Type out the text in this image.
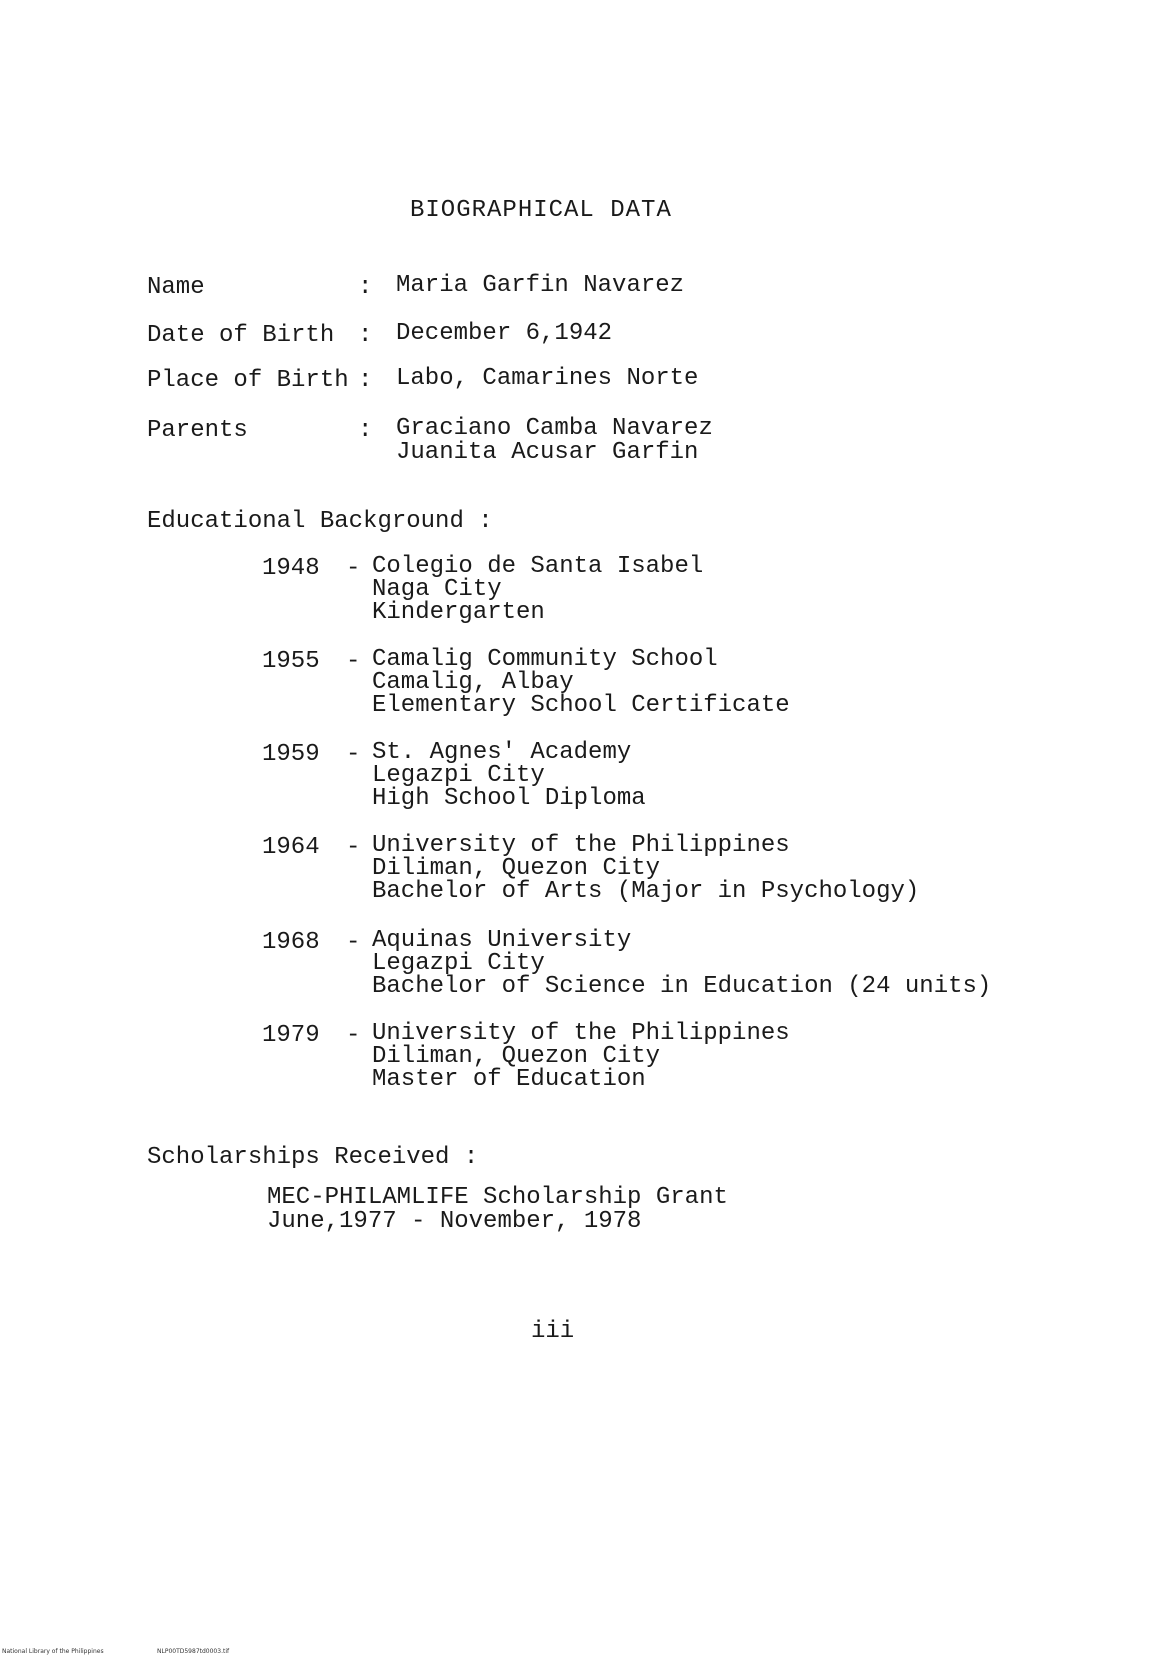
BIOGRAPHICAL DATA
Name	: Maria Garfin Navarez
Date of Birth : December 6,1942
Place of Birth : Labo, Camarines Norte
Parents	: Graciano Camba Navarez
Juanita Acusar Garfin
Educational Background :
1948 - Colegio de Santa Isabel
Naga City
Kindergarten
1955 - Camalig Community School
Camalig, Albay
Elementary School Certificate
1959 - St. Agnes' Academy
Legazpi City
High School Diploma
1964 - University of the Philippines
Diliman, Quezon City
Bachelor of Arts (Major in Psychology)
1968 - Aquinas University
Legazpi City
Bachelor of Science in Education (24 units)
1979 - University of the Philippines
Diliman, Quezon City
Master of Education
Scholarships Received :
MEC-PHILAMLIFE Scholarship Grant
June,1977 - November, 1978
iii
National Library of the Philippines	NLP00TD5987td0003.tif
